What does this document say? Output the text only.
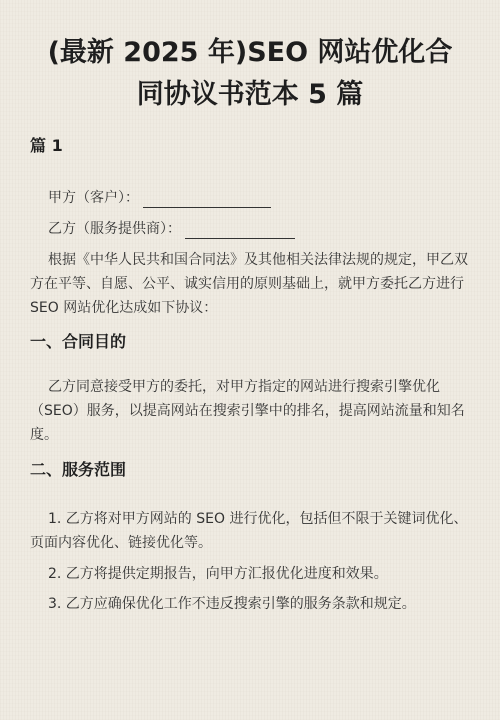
(最新 2025 年)SEO 网站优化合
同协议书范本 5 篇
篇 1
甲方（客户）：
乙方（服务提供商）：

根据《中华人民共和国合同法》及其他相关法律法规的规定，甲乙双方在平等、自愿、公平、诚实信用的原则基础上，就甲方委托乙方进行 SEO 网站优化达成如下协议：

一、合同目的

乙方同意接受甲方的委托，对甲方指定的网站进行搜索引擎优化（SEO）服务，以提高网站在搜索引擎中的排名，提高网站流量和知名度。

二、服务范围

1. 乙方将对甲方网站的 SEO 进行优化，包括但不限于关键词优化、页面内容优化、链接优化等。

2. 乙方将提供定期报告，向甲方汇报优化进度和效果。

3. 乙方应确保优化工作不违反搜索引擎的服务条款和规定。
